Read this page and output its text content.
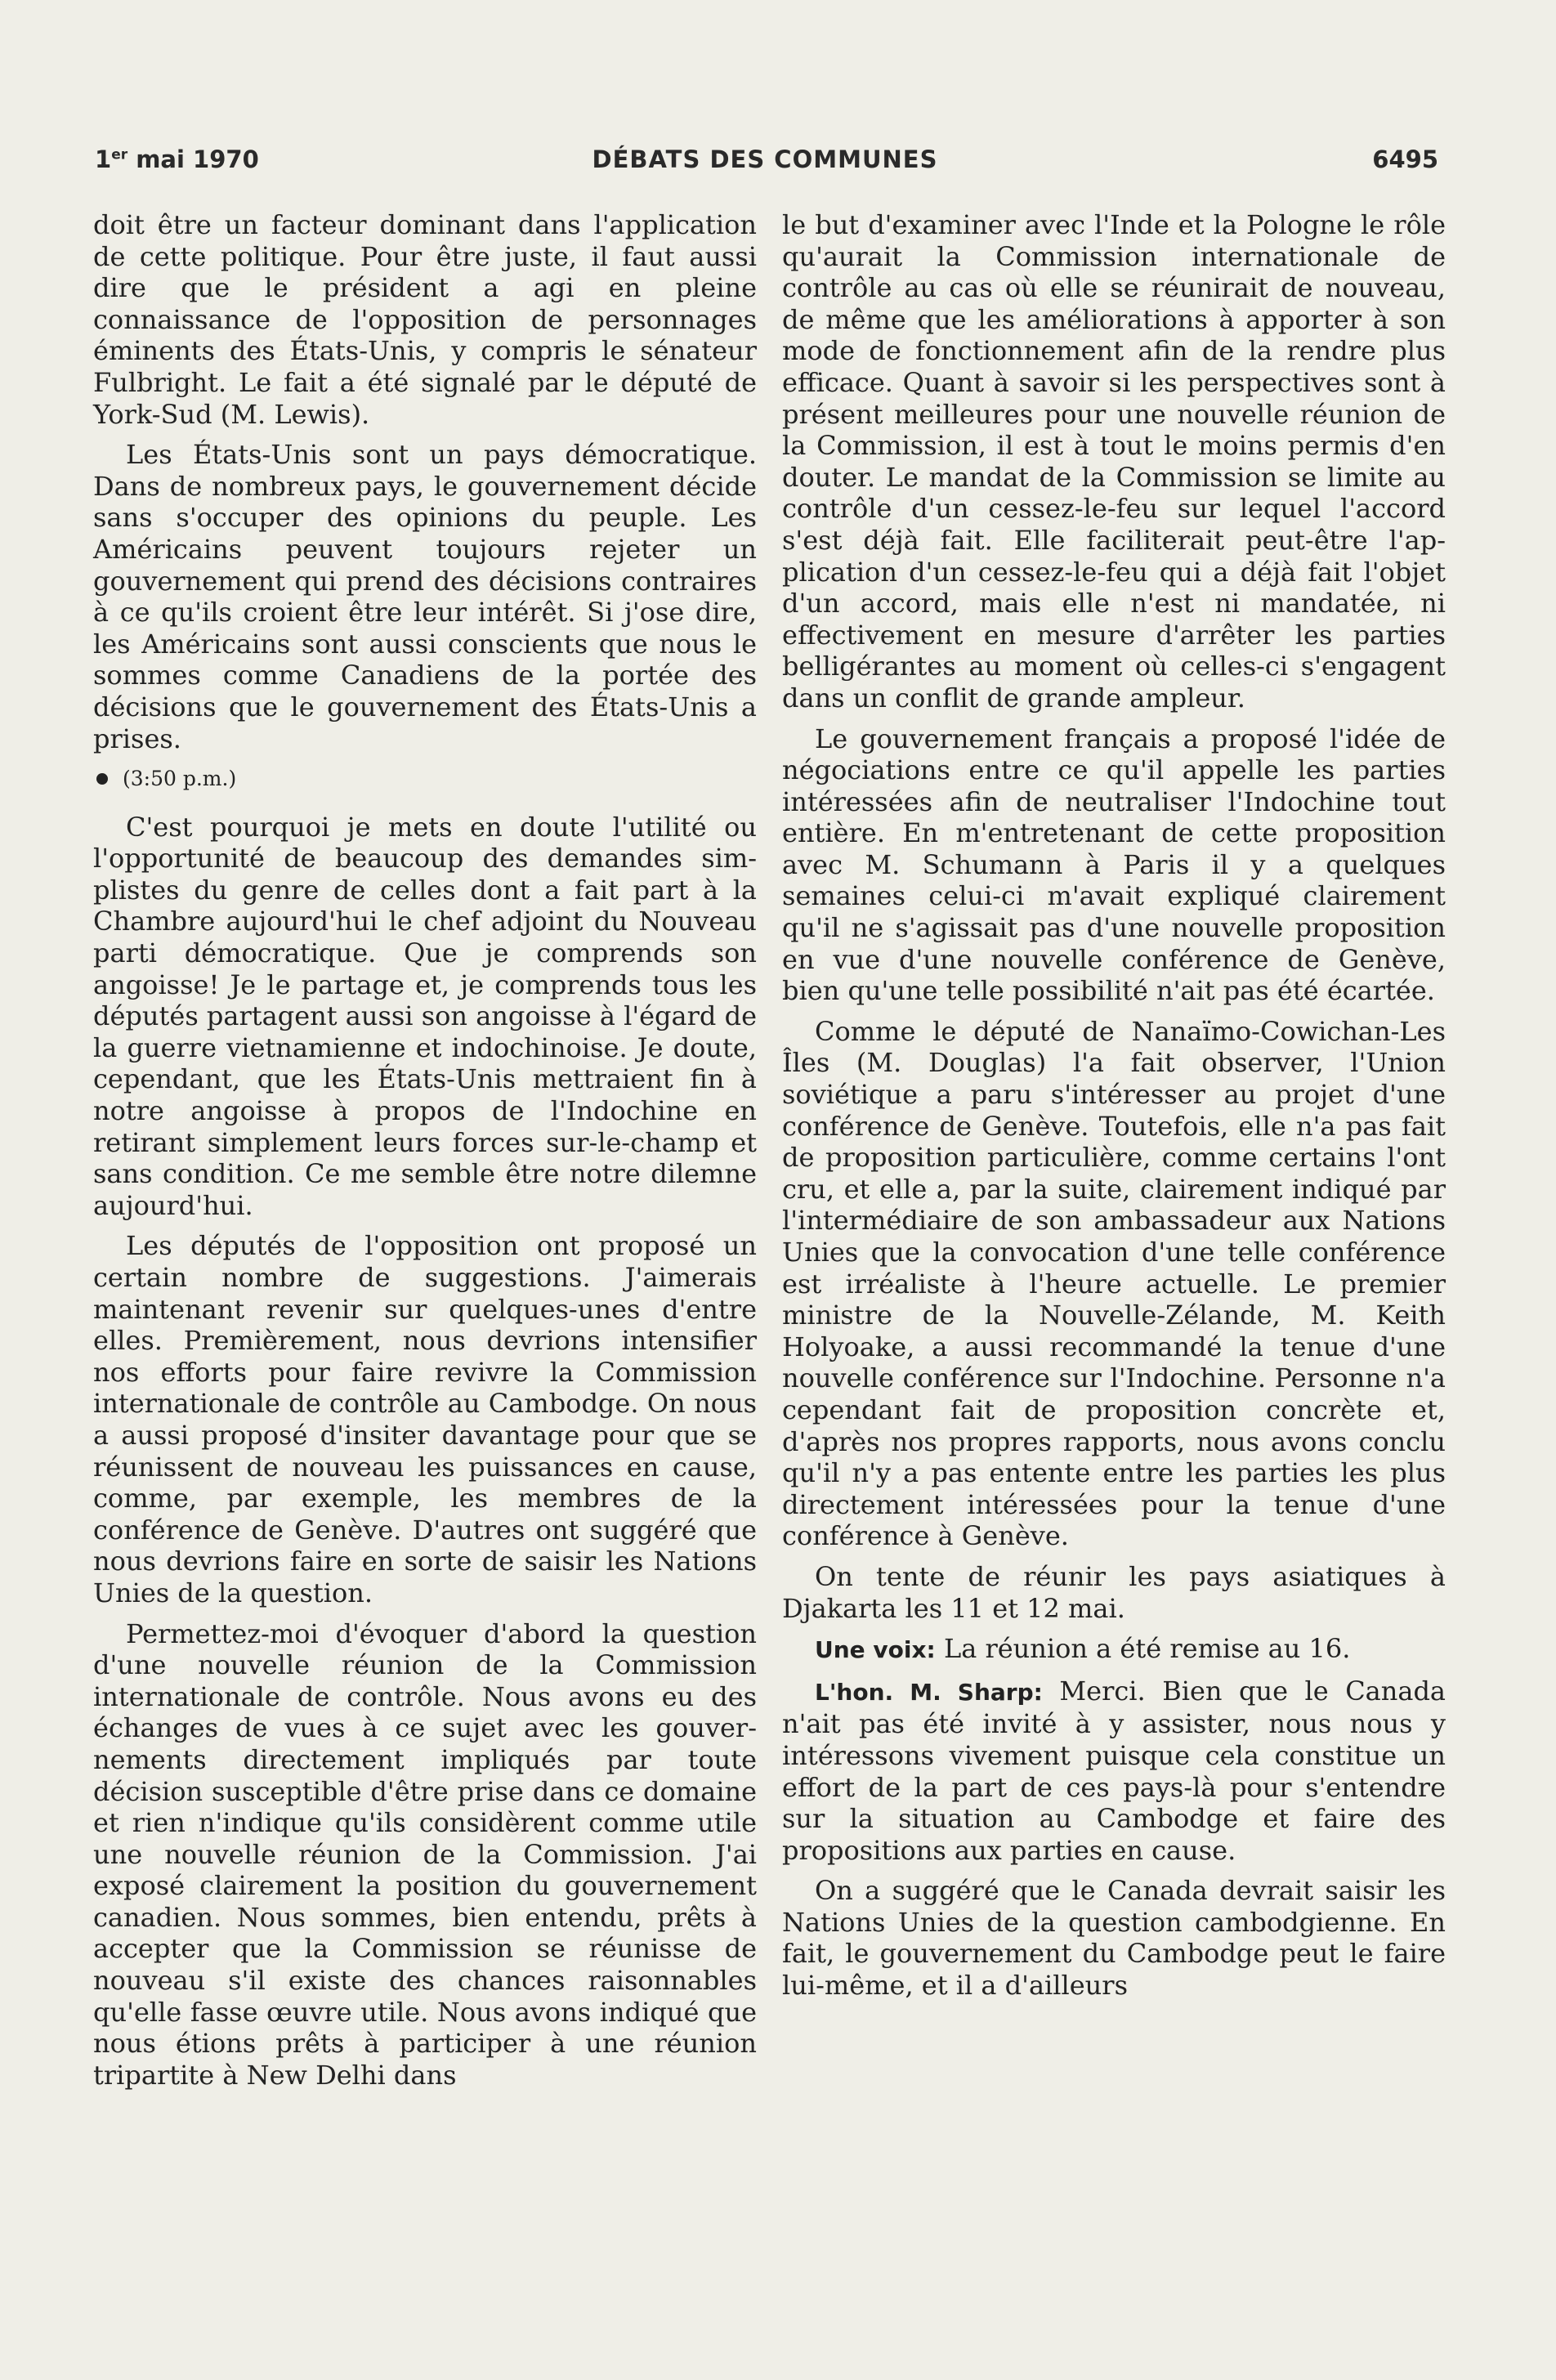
1er mai 1970	DÉBATS DES COMMUNES	6495

doit être un facteur dominant dans l'application de cette politique. Pour être juste, il faut aussi dire que le président a agi en pleine connaissance de l'opposition de personnages éminents des États-Unis, y compris le sénateur Fulbright. Le fait a été signalé par le député de York-Sud (M. Lewis).

Les États-Unis sont un pays démocratique. Dans de nombreux pays, le gouvernement décide sans s'occuper des opinions du peuple. Les Américains peuvent toujours rejeter un gouvernement qui prend des décisions contraires à ce qu'ils croient être leur intérêt. Si j'ose dire, les Américains sont aussi conscients que nous le sommes comme Canadiens de la portée des décisions que le gouvernement des États-Unis a prises.

(3:50 p.m.)

C'est pourquoi je mets en doute l'utilité ou l'opportunité de beaucoup des demandes simplistes du genre de celles dont a fait part à la Chambre aujourd'hui le chef adjoint du Nouveau parti démocratique. Que je comprends son angoisse! Je le partage et, je comprends tous les députés partagent aussi son angoisse à l'égard de la guerre vietnamienne et indochinoise. Je doute, cependant, que les États-Unis mettraient fin à notre angoisse à propos de l'Indochine en retirant simplement leurs forces sur-le-champ et sans condition. Ce me semble être notre dilemne aujourd'hui.

Les députés de l'opposition ont proposé un certain nombre de suggestions. J'aimerais maintenant revenir sur quelques-unes d'entre elles. Premièrement, nous devrions intensifier nos efforts pour faire revivre la Commission internationale de contrôle au Cambodge. On nous a aussi proposé d'insiter davantage pour que se réunissent de nouveau les puissances en cause, comme, par exemple, les membres de la conférence de Genève. D'autres ont suggéré que nous devrions faire en sorte de saisir les Nations Unies de la question.

Permettez-moi d'évoquer d'abord la question d'une nouvelle réunion de la Commission internationale de contrôle. Nous avons eu des échanges de vues à ce sujet avec les gouvernements directement impliqués par toute décision susceptible d'être prise dans ce domaine et rien n'indique qu'ils considèrent comme utile une nouvelle réunion de la Commission. J'ai exposé clairement la position du gouvernement canadien. Nous sommes, bien entendu, prêts à accepter que la Commission se réunisse de nouveau s'il existe des chances raisonnables qu'elle fasse œuvre utile. Nous avons indiqué que nous étions prêts à participer à une réunion tripartite à New Delhi dans

le but d'examiner avec l'Inde et la Pologne le rôle qu'aurait la Commission internationale de contrôle au cas où elle se réunirait de nouveau, de même que les améliorations à apporter à son mode de fonctionnement afin de la rendre plus efficace. Quant à savoir si les perspectives sont à présent meilleures pour une nouvelle réunion de la Commission, il est à tout le moins permis d'en douter. Le mandat de la Commission se limite au contrôle d'un cessez-le-feu sur lequel l'accord s'est déjà fait. Elle faciliterait peut-être l'application d'un cessez-le-feu qui a déjà fait l'objet d'un accord, mais elle n'est ni mandatée, ni effectivement en mesure d'arrêter les parties belligérantes au moment où celles-ci s'engagent dans un conflit de grande ampleur.

Le gouvernement français a proposé l'idée de négociations entre ce qu'il appelle les parties intéressées afin de neutraliser l'Indochine tout entière. En m'entretenant de cette proposition avec M. Schumann à Paris il y a quelques semaines celui-ci m'avait expliqué clairement qu'il ne s'agissait pas d'une nouvelle proposition en vue d'une nouvelle conférence de Genève, bien qu'une telle possibilité n'ait pas été écartée.

Comme le député de Nanaïmo-Cowichan-Les Îles (M. Douglas) l'a fait observer, l'Union soviétique a paru s'intéresser au projet d'une conférence de Genève. Toutefois, elle n'a pas fait de proposition particulière, comme certains l'ont cru, et elle a, par la suite, clairement indiqué par l'intermédiaire de son ambassadeur aux Nations Unies que la convocation d'une telle conférence est irréaliste à l'heure actuelle. Le premier ministre de la Nouvelle-Zélande, M. Keith Holyoake, a aussi recommandé la tenue d'une nouvelle conférence sur l'Indochine. Personne n'a cependant fait de proposition concrète et, d'après nos propres rapports, nous avons conclu qu'il n'y a pas entente entre les parties les plus directement intéressées pour la tenue d'une conférence à Genève.

On tente de réunir les pays asiatiques à Djakarta les 11 et 12 mai.

Une voix: La réunion a été remise au 16.

L'hon. M. Sharp: Merci. Bien que le Canada n'ait pas été invité à y assister, nous nous y intéressons vivement puisque cela constitue un effort de la part de ces pays-là pour s'entendre sur la situation au Cambodge et faire des propositions aux parties en cause.

On a suggéré que le Canada devrait saisir les Nations Unies de la question cambodgienne. En fait, le gouvernement du Cambodge peut le faire lui-même, et il a d'ailleurs
